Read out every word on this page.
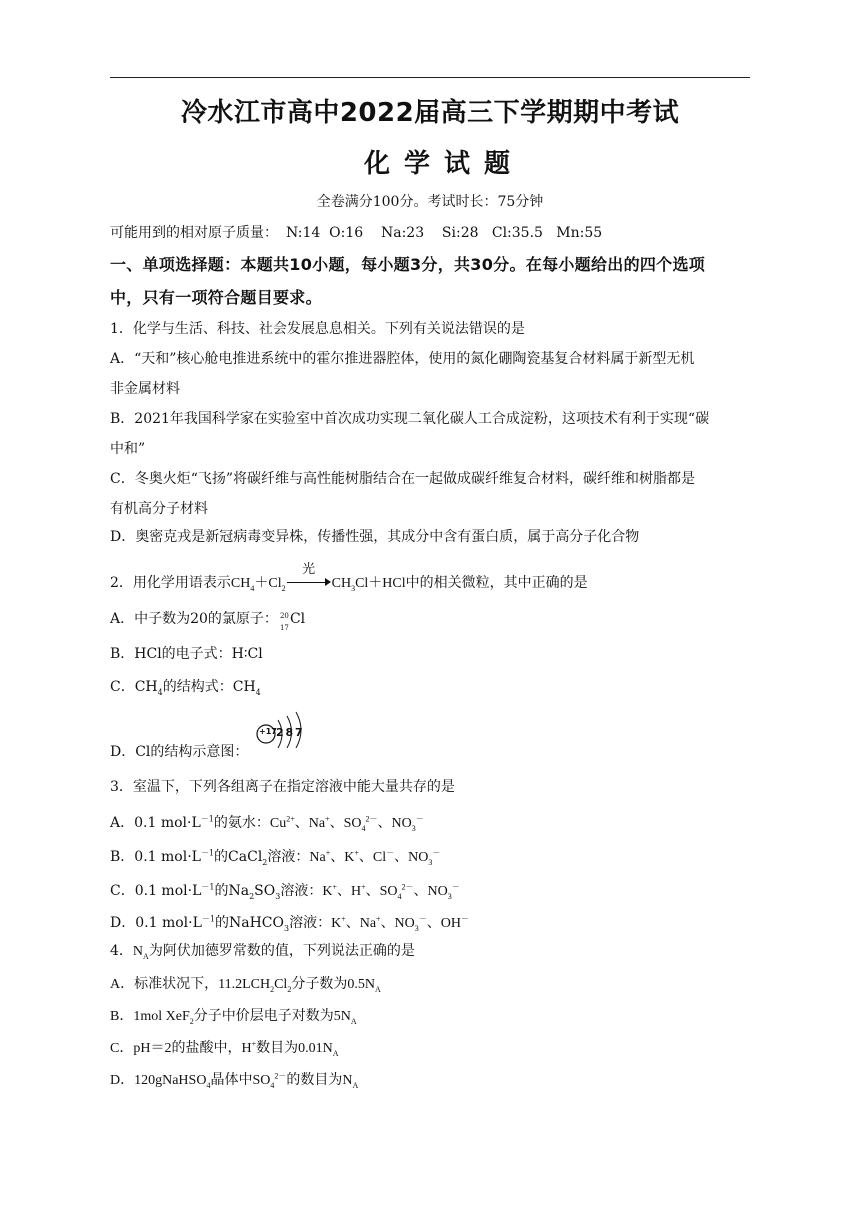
冷水江市高中2022届高三下学期期中考试
化学试题
全卷满分100分。考试时长：75分钟
可能用到的相对原子质量： N:14  O:16    Na:23    Si:28   Cl:35.5   Mn:55
一、单项选择题：本题共10小题，每小题3分，共30分。在每小题给出的四个选项
中，只有一项符合题目要求。
1．化学与生活、科技、社会发展息息相关。下列有关说法错误的是
A．“天和”核心舱电推进系统中的霍尔推进器腔体，使用的氮化硼陶瓷基复合材料属于新型无机
非金属材料
B．2021年我国科学家在实验室中首次成功实现二氧化碳人工合成淀粉，这项技术有利于实现“碳
中和”
C．冬奥火炬“飞扬”将碳纤维与高性能树脂结合在一起做成碳纤维复合材料，碳纤维和树脂都是
有机高分子材料
D．奥密克戎是新冠病毒变异株，传播性强，其成分中含有蛋白质，属于高分子化合物
2．用化学用语表示$CH_4+Cl_2$
光
$CH_3Cl+HCl$中的相关微粒，其中正确的是
A．中子数为20的氯原子： 20
17
Cl
B．HCl的电子式：H∶Cl
C．$CH_4$的结构式：$CH_4$
+17 2 8 7
D．Cl的结构示意图：
3．室温下，下列各组离子在指定溶液中能大量共存的是
A．0.1 $mol\cdot L^{-1}$的氨水：$Cu^{2+}$、Na+、$SO_4^{2-}$、$NO_3^-$
B．0.1 $mol\cdot L^{-1}$的CaCl$_2$溶液：Na+、K+、Cl－、$NO_3^-$
C．0.1 $mol\cdot L^{-1}$的$Na_2SO_3$溶液：K+、H+、$SO_4^{2-}$、$NO_3^-$
D．0.1 $mol\cdot L^{-1}$的NaHCO$_3$溶液：K+、Na+、$NO_3^-$、OH－
4．$N_A$为阿伏加德罗常数的值，下列说法正确的是
A．标准状况下，$11.2LCH_2Cl_2$分子数为$0.5N_A$
B．1mol XeF$_2$分子中价层电子对数为$5N_A$
C．pH＝2的盐酸中，H+数目为$0.01N_A$
D．120gNaHSO$_4$晶体中$SO_4^{2-}$的数目为$N_A$
